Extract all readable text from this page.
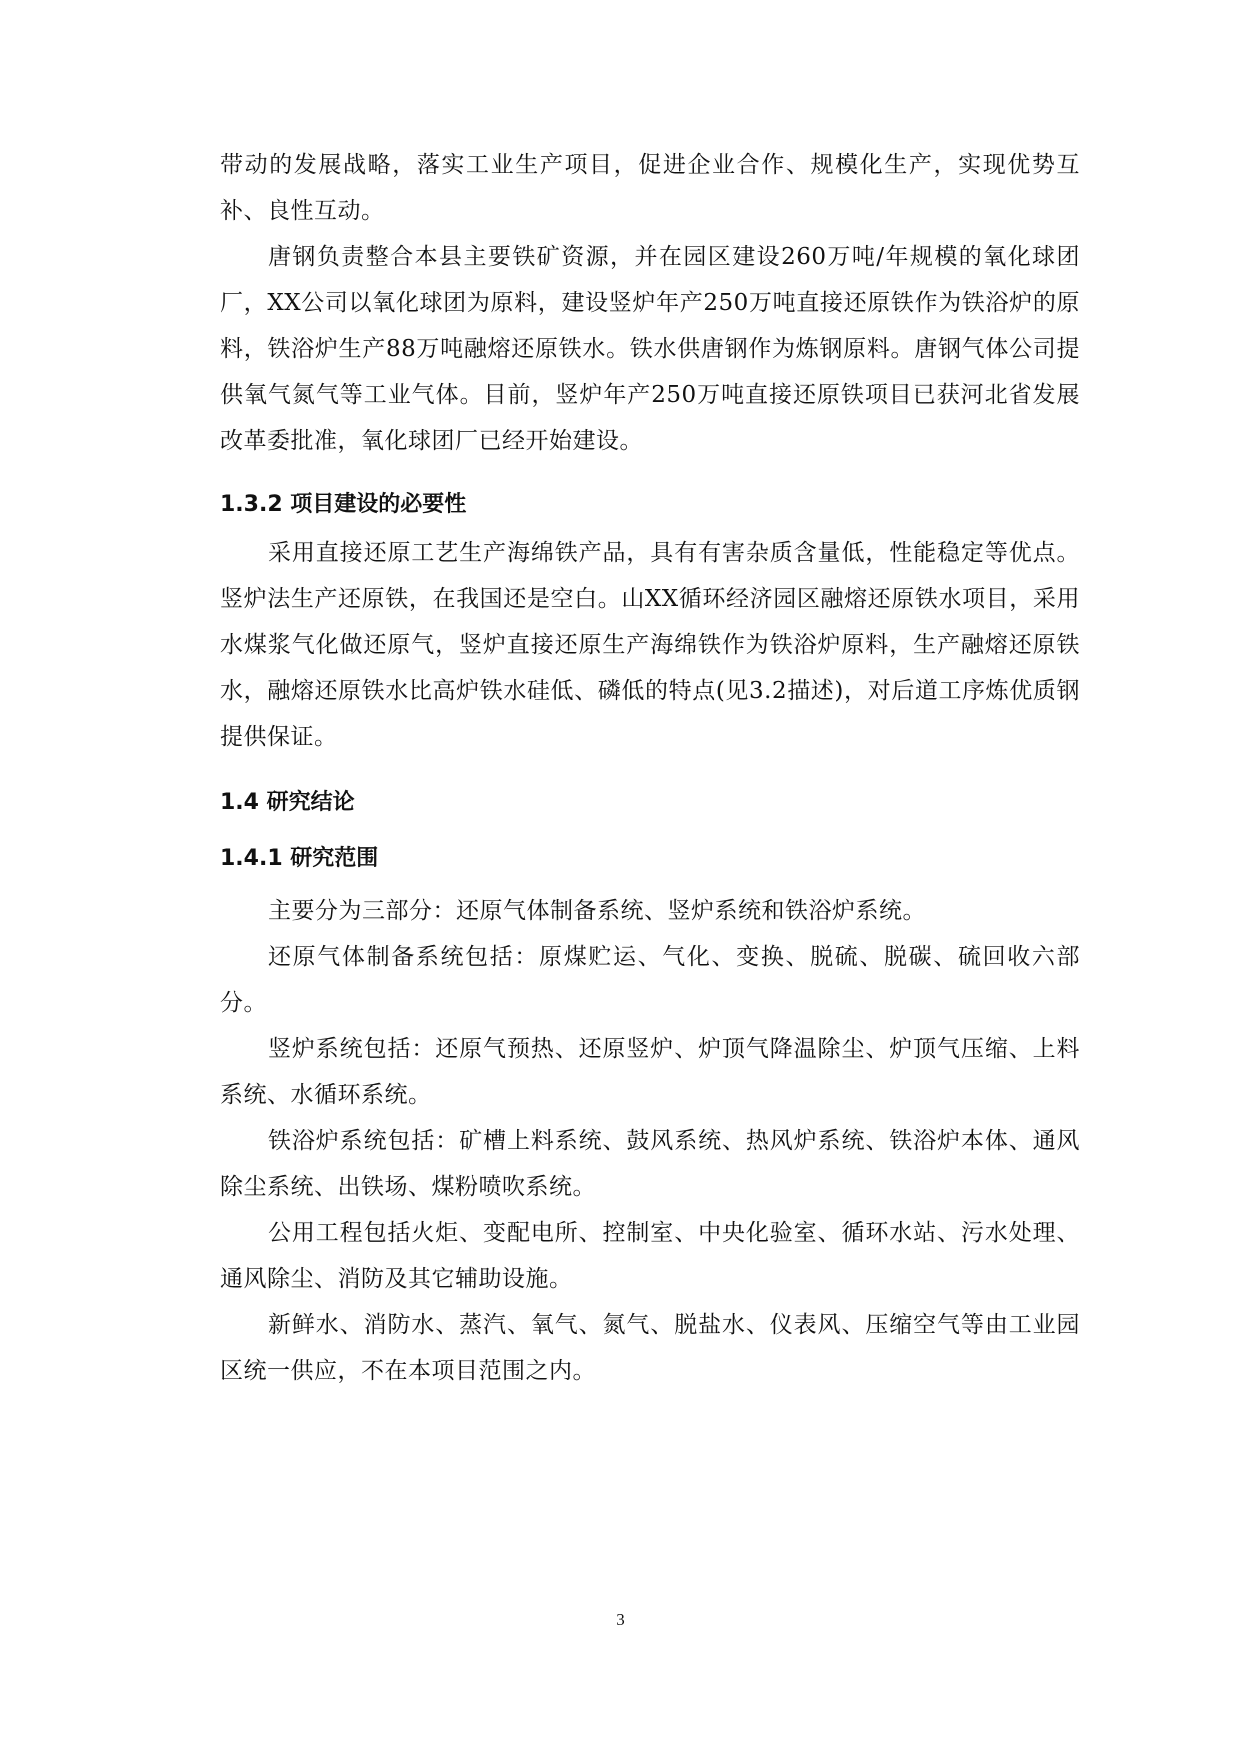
带动的发展战略，落实工业生产项目，促进企业合作、规模化生产，实现优势互补、良性互动。

唐钢负责整合本县主要铁矿资源，并在园区建设260万吨/年规模的氧化球团厂，XX公司以氧化球团为原料，建设竖炉年产250万吨直接还原铁作为铁浴炉的原料，铁浴炉生产88万吨融熔还原铁水。铁水供唐钢作为炼钢原料。唐钢气体公司提供氧气氮气等工业气体。目前，竖炉年产250万吨直接还原铁项目已获河北省发展改革委批准，氧化球团厂已经开始建设。

1.3.2 项目建设的必要性

采用直接还原工艺生产海绵铁产品，具有有害杂质含量低，性能稳定等优点。竖炉法生产还原铁，在我国还是空白。山XX循环经济园区融熔还原铁水项目，采用水煤浆气化做还原气，竖炉直接还原生产海绵铁作为铁浴炉原料，生产融熔还原铁水，融熔还原铁水比高炉铁水硅低、磷低的特点(见3.2描述)，对后道工序炼优质钢提供保证。

1.4 研究结论
1.4.1 研究范围

主要分为三部分：还原气体制备系统、竖炉系统和铁浴炉系统。

还原气体制备系统包括：原煤贮运、气化、变换、脱硫、脱碳、硫回收六部分。

竖炉系统包括：还原气预热、还原竖炉、炉顶气降温除尘、炉顶气压缩、上料系统、水循环系统。

铁浴炉系统包括：矿槽上料系统、鼓风系统、热风炉系统、铁浴炉本体、通风除尘系统、出铁场、煤粉喷吹系统。

公用工程包括火炬、变配电所、控制室、中央化验室、循环水站、污水处理、通风除尘、消防及其它辅助设施。

新鲜水、消防水、蒸汽、氧气、氮气、脱盐水、仪表风、压缩空气等由工业园区统一供应，不在本项目范围之内。

3
